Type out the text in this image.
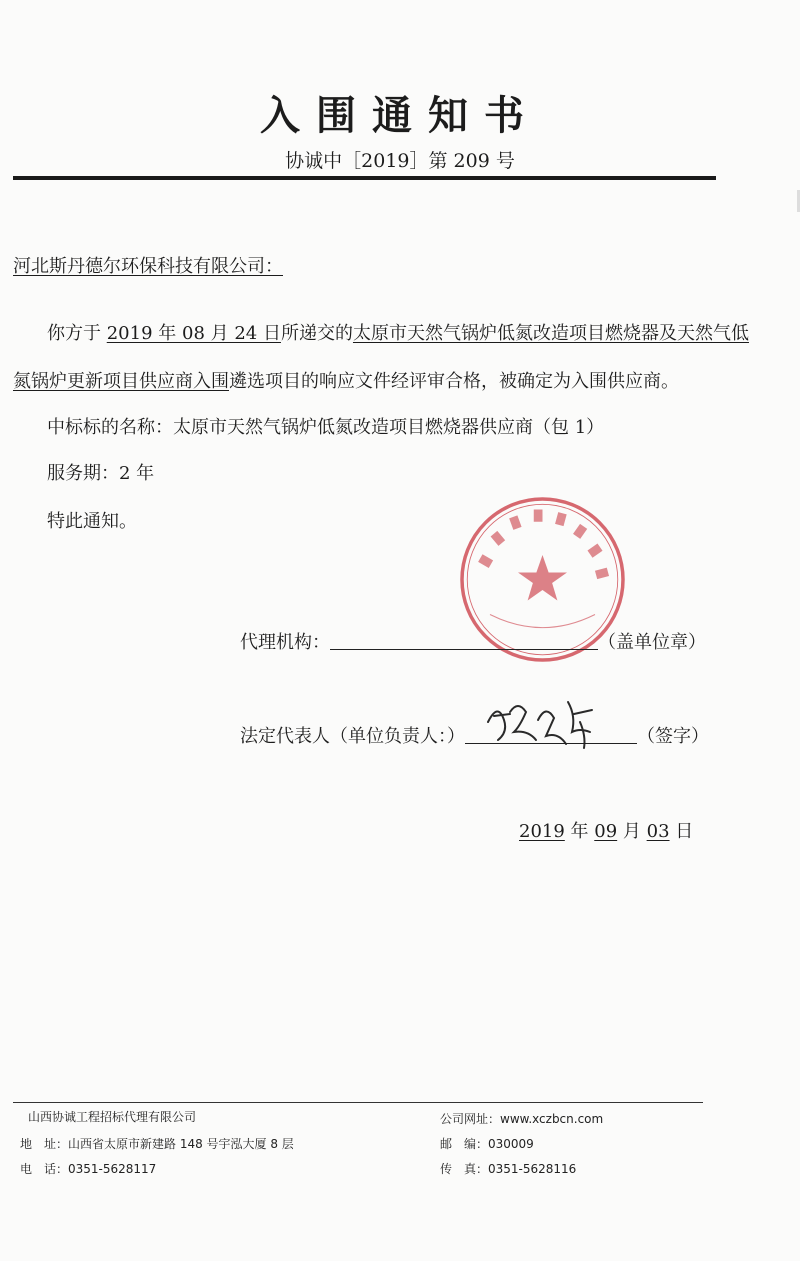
入围通知书
协诚中［2019］第 209 号
河北斯丹德尔环保科技有限公司：
你方于 2019 年 08 月 24 日所递交的太原市天然气锅炉低氮改造项目燃烧器及天然气低
氮锅炉更新项目供应商入围遴选项目的响应文件经评审合格，被确定为入围供应商。
中标标的名称：太原市天然气锅炉低氮改造项目燃烧器供应商（包 1）
服务期：2 年
特此通知。
代理机构：	（盖单位章）
法定代表人（单位负责人：）	（签字）
2019 年 09 月 03 日
山西协诚工程招标代理有限公司
地　址：山西省太原市新建路 148 号宇泓大厦 8 层
电　话：0351-5628117
公司网址：www.xczbcn.com
邮　编：030009
传　真：0351-5628116
